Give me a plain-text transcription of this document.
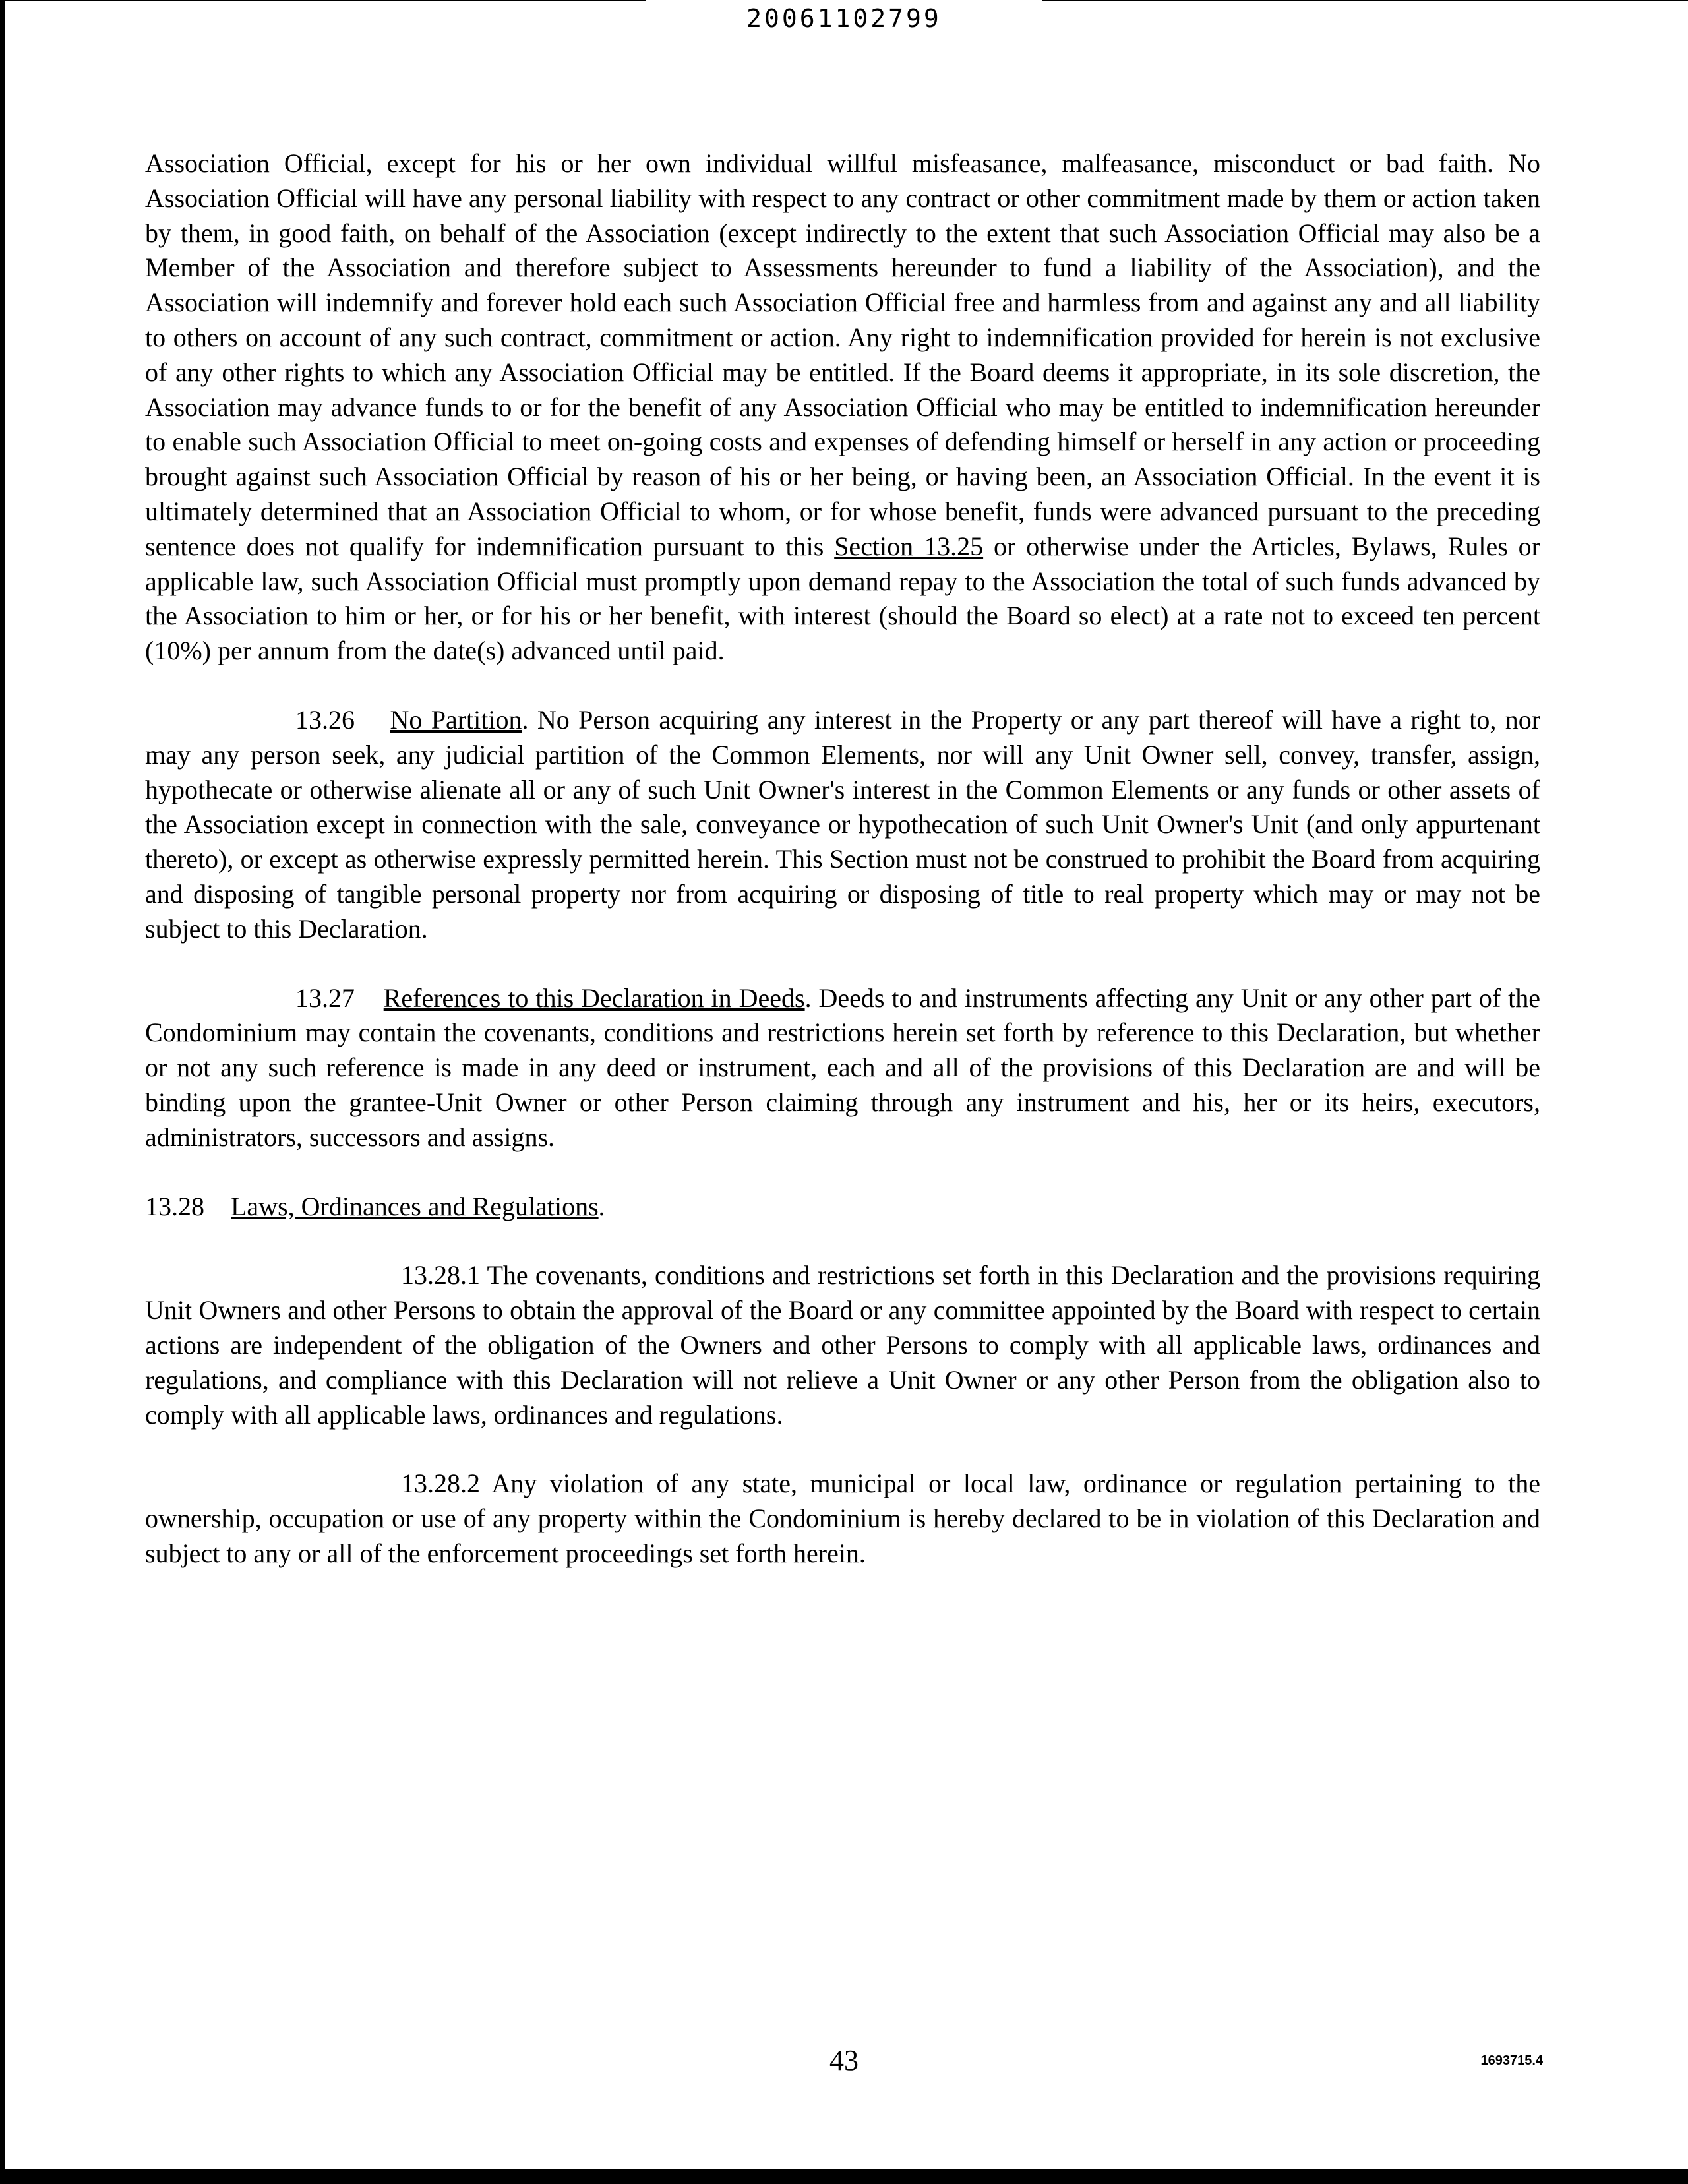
20061102799

Association Official, except for his or her own individual willful misfeasance, malfeasance, misconduct or bad faith. No Association Official will have any personal liability with respect to any contract or other commitment made by them or action taken by them, in good faith, on behalf of the Association (except indirectly to the extent that such Association Official may also be a Member of the Association and therefore subject to Assessments hereunder to fund a liability of the Association), and the Association will indemnify and forever hold each such Association Official free and harmless from and against any and all liability to others on account of any such contract, commitment or action. Any right to indemnification provided for herein is not exclusive of any other rights to which any Association Official may be entitled. If the Board deems it appropriate, in its sole discretion, the Association may advance funds to or for the benefit of any Association Official who may be entitled to indemnification hereunder to enable such Association Official to meet on-going costs and expenses of defending himself or herself in any action or proceeding brought against such Association Official by reason of his or her being, or having been, an Association Official. In the event it is ultimately determined that an Association Official to whom, or for whose benefit, funds were advanced pursuant to the preceding sentence does not qualify for indemnification pursuant to this Section 13.25 or otherwise under the Articles, Bylaws, Rules or applicable law, such Association Official must promptly upon demand repay to the Association the total of such funds advanced by the Association to him or her, or for his or her benefit, with interest (should the Board so elect) at a rate not to exceed ten percent (10%) per annum from the date(s) advanced until paid.

13.26 No Partition. No Person acquiring any interest in the Property or any part thereof will have a right to, nor may any person seek, any judicial partition of the Common Elements, nor will any Unit Owner sell, convey, transfer, assign, hypothecate or otherwise alienate all or any of such Unit Owner's interest in the Common Elements or any funds or other assets of the Association except in connection with the sale, conveyance or hypothecation of such Unit Owner's Unit (and only appurtenant thereto), or except as otherwise expressly permitted herein. This Section must not be construed to prohibit the Board from acquiring and disposing of tangible personal property nor from acquiring or disposing of title to real property which may or may not be subject to this Declaration.

13.27 References to this Declaration in Deeds. Deeds to and instruments affecting any Unit or any other part of the Condominium may contain the covenants, conditions and restrictions herein set forth by reference to this Declaration, but whether or not any such reference is made in any deed or instrument, each and all of the provisions of this Declaration are and will be binding upon the grantee-Unit Owner or other Person claiming through any instrument and his, her or its heirs, executors, administrators, successors and assigns.

13.28 Laws, Ordinances and Regulations.

13.28.1 The covenants, conditions and restrictions set forth in this Declaration and the provisions requiring Unit Owners and other Persons to obtain the approval of the Board or any committee appointed by the Board with respect to certain actions are independent of the obligation of the Owners and other Persons to comply with all applicable laws, ordinances and regulations, and compliance with this Declaration will not relieve a Unit Owner or any other Person from the obligation also to comply with all applicable laws, ordinances and regulations.

13.28.2 Any violation of any state, municipal or local law, ordinance or regulation pertaining to the ownership, occupation or use of any property within the Condominium is hereby declared to be in violation of this Declaration and subject to any or all of the enforcement proceedings set forth herein.

43	1693715.4
